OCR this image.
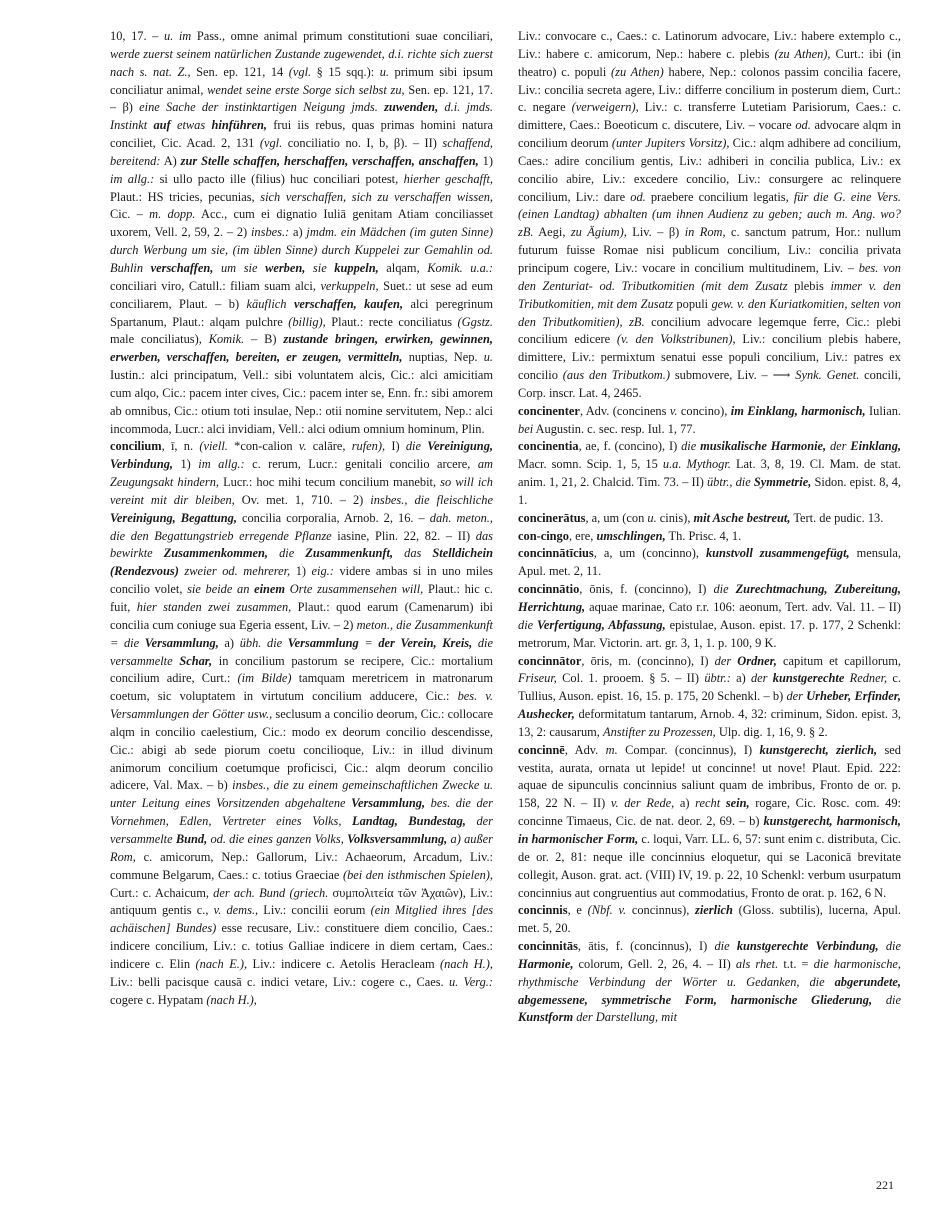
10, 17. – u. im Pass., omne animal primum constitutioni suae conciliari, werde zuerst seinem natürlichen Zustande zugewendet, d.i. richte sich zuerst nach s. nat. Z., Sen. ep. 121, 14 (vgl. § 15 sqq.): u. primum sibi ipsum conciliatur animal, wendet seine erste Sorge sich selbst zu, Sen. ep. 121, 17. – β) eine Sache der instinktartigen Neigung jmds. zuwenden, d.i. jmds. Instinkt auf etwas hinführen, frui iis rebus, quas primas homini natura conciliet, Cic. Acad. 2, 131 (vgl. conciliatio no. I, b, β). – II) schaffend, bereitend: A) zur Stelle schaffen, herschaffen, verschaffen, anschaffen, 1) im allg.: si ullo pacto ille (filius) huc conciliari potest, hierher geschafft, Plaut.: HS tricies, pecunias, sich verschaffen, sich zu verschaffen wissen, Cic. – m. dopp. Acc., cum ei dignatio Iuliā genitam Atiam conciliasset uxorem, Vell. 2, 59, 2. – 2) insbes.: a) jmdm. ein Mädchen (im guten Sinne) durch Werbung um sie, (im üblen Sinne) durch Kuppelei zur Gemahlin od. Buhlin verschaffen, um sie werben, sie kuppeln, alqam, Komik. u.a.: conciliari viro, Catull.: filiam suam alci, verkuppeln, Suet.: ut sese ad eum conciliarem, Plaut. – b) käuflich verschaffen, kaufen, alci peregrinum Spartanum, Plaut.: alqam pulchre (billig), Plaut.: recte conciliatus (Ggstz. male conciliatus), Komik. – B) zustande bringen, erwirken, gewinnen, erwerben, verschaffen, bereiten, er zeugen, vermitteln, nuptias, Nep. u. Iustin.: alci principatum, Vell.: sibi voluntatem alcis, Cic.: alci amicitiam cum alqo, Cic.: pacem inter cives, Cic.: pacem inter se, Enn. fr.: sibi amorem ab omnibus, Cic.: otium toti insulae, Nep.: otii nomine servitutem, Nep.: alci incommoda, Lucr.: alci invidiam, Vell.: alci odium omnium hominum, Plin.

concilium, ī, n. (viell. *con-calion v. calāre, rufen), I) die Vereinigung, Verbindung, 1) im allg.: c. rerum, Lucr.: genitali concilio arcere, am Zeugungsakt hindern, Lucr.: hoc mihi tecum concilium manebit, so will ich vereint mit dir bleiben, Ov. met. 1, 710. – 2) insbes., die fleischliche Vereinigung, Begattung, concilia corporalia, Arnob. 2, 16. – dah. meton., die den Begattungstrieb erregende Pflanze iasine, Plin. 22, 82. – II) das bewirkte Zusammenkommen, die Zusammenkunft, das Stelldichein (Rendezvous) zweier od. mehrerer, 1) eig.: videre ambas si in uno miles concilio volet, sie beide an einem Orte zusammensehen will, Plaut.: hic c. fuit, hier standen zwei zusammen, Plaut.: quod earum (Camenarum) ibi concilia cum coniuge sua Egeria essent, Liv. – 2) meton., die Zusammenkunft = die Versammlung, a) übh. die Versammlung = der Verein, Kreis, die versammelte Schar, in concilium pastorum se recipere, Cic.: mortalium concilium adire, Curt.: (im Bilde) tamquam meretricem in matronarum coetum, sic voluptatem in virtutum concilium adducere, Cic.: bes. v. Versammlungen der Götter usw., seclusum a concilio deorum, Cic.: collocare alqm in concilio caelestium, Cic.: modo ex deorum concilio descendisse, Cic.: abigi ab sede piorum coetu concilioque, Liv.: in illud divinum animorum concilium coetumque proficisci, Cic.: alqm deorum concilio adicere, Val. Max. – b) insbes., die zu einem gemeinschaftlichen Zwecke u. unter Leitung eines Vorsitzenden abgehaltene Versammlung, bes. die der Vornehmen, Edlen, Vertreter eines Volks, Landtag, Bundestag, der versammelte Bund, od. die eines ganzen Volks, Volksversammlung, a) außer Rom, c. amicorum, Nep.: Gallorum, Liv.: Achaeorum, Arcadum, Liv.: commune Belgarum, Caes.: c. totius Graeciae (bei den isthmischen Spielen), Curt.: c. Achaicum, der ach. Bund (griech. συμπολιτεία τῶν Ἀχαιῶν), Liv.: antiquum gentis c., v. dems., Liv.: concilii eorum (ein Mitglied ihres [des achäischen] Bundes) esse recusare, Liv.: constituere diem concilio, Caes.: indicere concilium, Liv.: c. totius Galliae indicere in diem certam, Caes.: indicere c. Elin (nach E.), Liv.: indicere c. Aetolis Heracleam (nach H.), Liv.: belli pacisque causā c. indici vetare, Liv.: cogere c., Caes. u. Verg.: cogere c. Hypatam (nach H.),

Liv.: convocare c., Caes.: c. Latinorum advocare, Liv.: habere extemplo c., Liv.: habere c. amicorum, Nep.: habere c. plebis (zu Athen), Curt.: ibi (in theatro) c. populi (zu Athen) habere, Nep.: colonos passim concilia facere, Liv.: concilia secreta agere, Liv.: differre concilium in posterum diem, Curt.: c. negare (verweigern), Liv.: c. transferre Lutetiam Parisiorum, Caes.: c. dimittere, Caes.: Boeoticum c. discutere, Liv. – vocare od. advocare alqm in concilium deorum (unter Jupiters Vorsitz), Cic.: alqm adhibere ad concilium, Caes.: adire concilium gentis, Liv.: adhiberi in concilia publica, Liv.: ex concilio abire, Liv.: excedere concilio, Liv.: consurgere ac relinquere concilium, Liv.: dare od. praebere concilium legatis, für die G. eine Vers. (einen Landtag) abhalten (um ihnen Audienz zu geben; auch m. Ang. wo? zB. Aegi, zu Ägium), Liv. – β) in Rom, c. sanctum patrum, Hor.: nullum futurum fuisse Romae nisi publicum concilium, Liv.: concilia privata principum cogere, Liv.: vocare in concilium multitudinem, Liv. – bes. von den Zenturiat- od. Tributkomitien (mit dem Zusatz plebis immer v. den Tributkomitien, mit dem Zusatz populi gew. v. den Kuriatkomitien, selten von den Tributkomitien), zB. concilium advocare legemque ferre, Cic.: plebi concilium edicere (v. den Volkstribunen), Liv.: concilium plebis habere, dimittere, Liv.: permixtum senatui esse populi concilium, Liv.: patres ex concilio (aus den Tributkom.) submovere, Liv. – ⟶ Synk. Genet. concili, Corp. inscr. Lat. 4, 2465.

concinenter, Adv. (concinens v. concino), im Einklang, harmonisch, Iulian. bei Augustin. c. sec. resp. Iul. 1, 77.

concinentia, ae, f. (concino), I) die musikalische Harmonie, der Einklang, Macr. somn. Scip. 1, 5, 15 u.a. Mythogr. Lat. 3, 8, 19. Cl. Mam. de stat. anim. 1, 21, 2. Chalcid. Tim. 73. – II) übtr., die Symmetrie, Sidon. epist. 8, 4, 1.

concinerātus, a, um (con u. cinis), mit Asche bestreut, Tert. de pudic. 13.

con-cingo, ere, umschlingen, Th. Prisc. 4, 1.

concinnātīcius, a, um (concinno), kunstvoll zusammengefügt, mensula, Apul. met. 2, 11.

concinnātio, ōnis, f. (concinno), I) die Zurechtmachung, Zubereitung, Herrichtung, aquae marinae, Cato r.r. 106: aeonum, Tert. adv. Val. 11. – II) die Verfertigung, Abfassung, epistulae, Auson. epist. 17. p. 177, 2 Schenkl: metrorum, Mar. Victorin. art. gr. 3, 1, 1. p. 100, 9 K.

concinnātor, ōris, m. (concinno), I) der Ordner, capitum et capillorum, Friseur, Col. 1. prooem. § 5. – II) übtr.: a) der kunstgerechte Redner, c. Tullius, Auson. epist. 16, 15. p. 175, 20 Schenkl. – b) der Urheber, Erfinder, Aushecker, deformitatum tantarum, Arnob. 4, 32: criminum, Sidon. epist. 3, 13, 2: causarum, Anstifter zu Prozessen, Ulp. dig. 1, 16, 9. § 2.

concinnē, Adv. m. Compar. (concinnus), I) kunstgerecht, zierlich, sed vestita, aurata, ornata ut lepide! ut concinne! ut nove! Plaut. Epid. 222: aquae de sipunculis concinnius saliunt quam de imbribus, Fronto de or. p. 158, 22 N. – II) v. der Rede, a) recht sein, rogare, Cic. Rosc. com. 49: concinne Timaeus, Cic. de nat. deor. 2, 69. – b) kunstgerecht, harmonisch, in harmonischer Form, c. loqui, Varr. LL. 6, 57: sunt enim c. distributa, Cic. de or. 2, 81: neque ille concinnius eloquetur, qui se Laconicā brevitate collegit, Auson. grat. act. (VIII) IV, 19. p. 22, 10 Schenkl: verbum usurpatum concinnius aut congruentius aut commodatius, Fronto de orat. p. 162, 6 N.

concinnis, e (Nbf. v. concinnus), zierlich (Gloss. subtilis), lucerna, Apul. met. 5, 20.

concinnitās, ātis, f. (concinnus), I) die kunstgerechte Verbindung, die Harmonie, colorum, Gell. 2, 26, 4. – II) als rhet. t.t. = die harmonische, rhythmische Verbindung der Wörter u. Gedanken, die abgerundete, abgemessene, symmetrische Form, harmonische Gliederung, die Kunstform der Darstellung, mit

221
